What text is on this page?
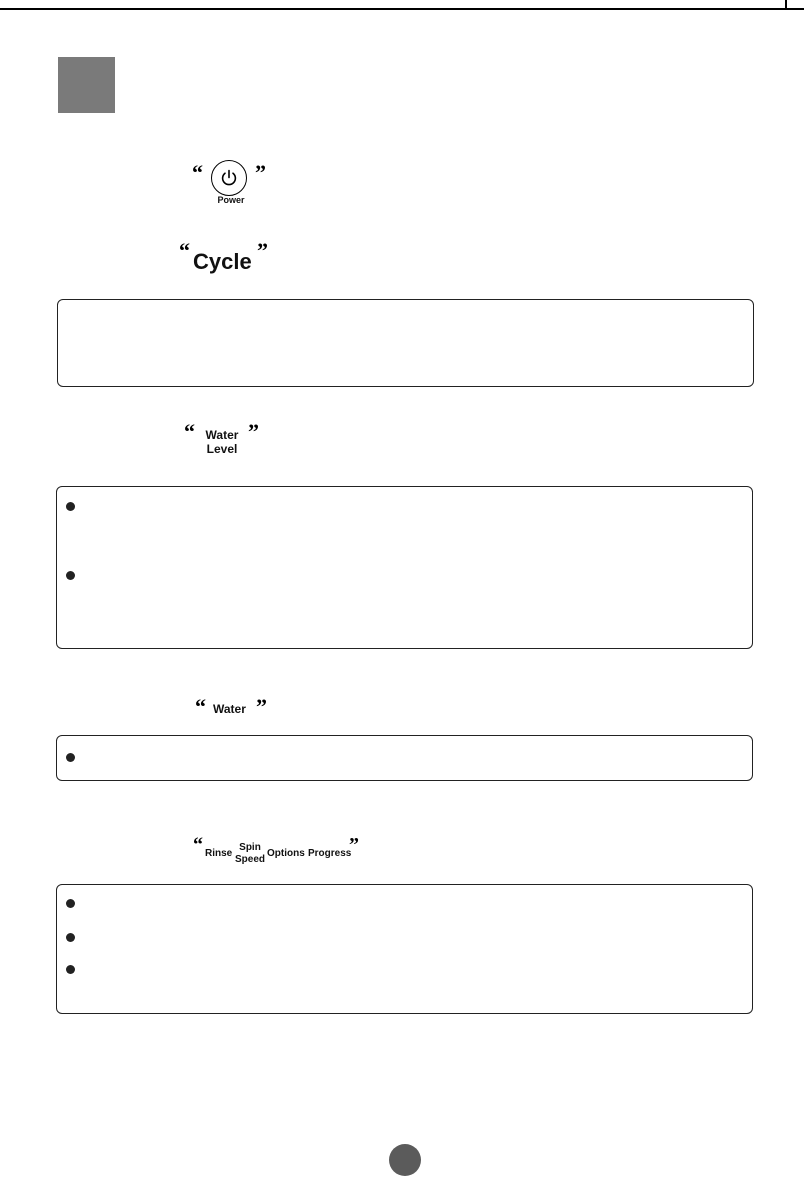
“
Power
”
“ Cycle ”
“ Water
Level
”
“ Water ”
“ Rinse
Spin
Speed
Options Progress
”
